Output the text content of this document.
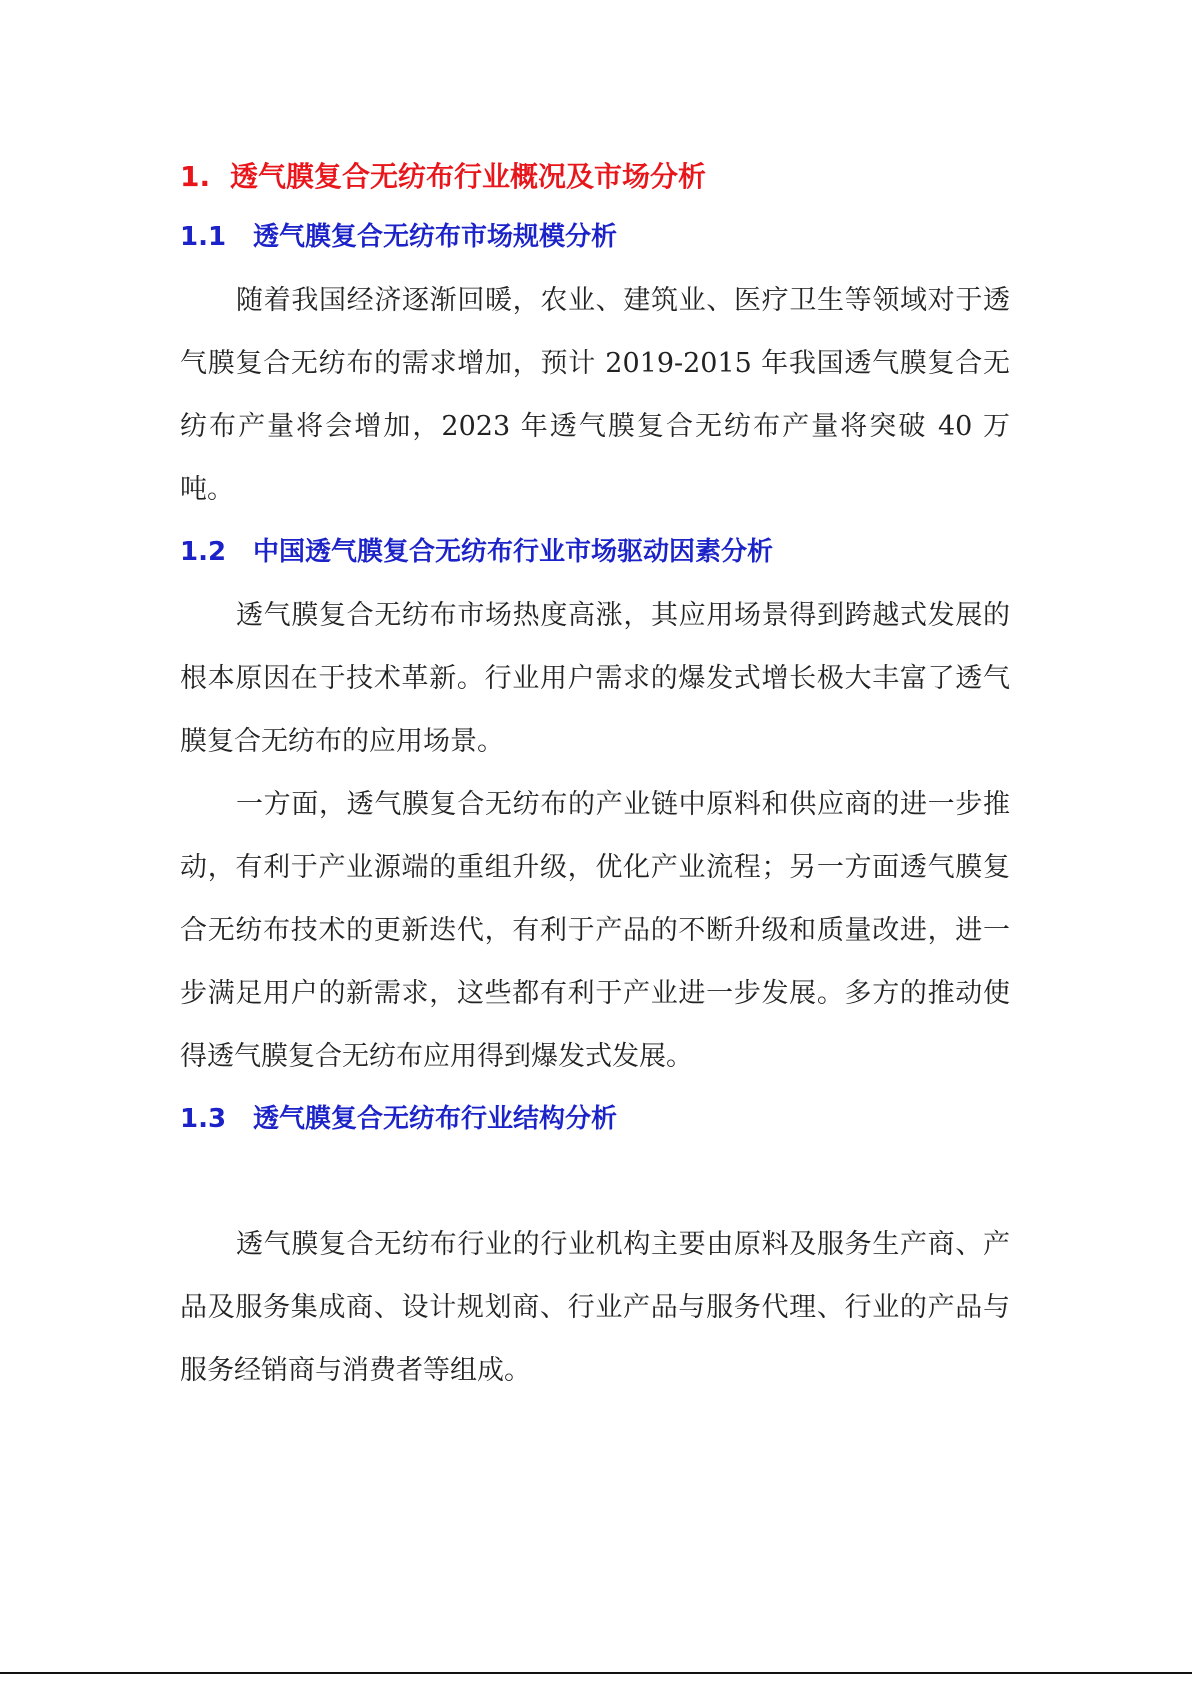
1. 透气膜复合无纺布行业概况及市场分析
1.1 透气膜复合无纺布市场规模分析

随着我国经济逐渐回暖，农业、建筑业、医疗卫生等领域对于透气膜复合无纺布的需求增加，预计 2019-2015 年我国透气膜复合无纺布产量将会增加，2023 年透气膜复合无纺布产量将突破 40 万吨。

1.2 中国透气膜复合无纺布行业市场驱动因素分析

透气膜复合无纺布市场热度高涨，其应用场景得到跨越式发展的根本原因在于技术革新。行业用户需求的爆发式增长极大丰富了透气膜复合无纺布的应用场景。

一方面，透气膜复合无纺布的产业链中原料和供应商的进一步推动，有利于产业源端的重组升级，优化产业流程；另一方面透气膜复合无纺布技术的更新迭代，有利于产品的不断升级和质量改进，进一步满足用户的新需求，这些都有利于产业进一步发展。多方的推动使得透气膜复合无纺布应用得到爆发式发展。

1.3 透气膜复合无纺布行业结构分析

透气膜复合无纺布行业的行业机构主要由原料及服务生产商、产品及服务集成商、设计规划商、行业产品与服务代理、行业的产品与服务经销商与消费者等组成。
